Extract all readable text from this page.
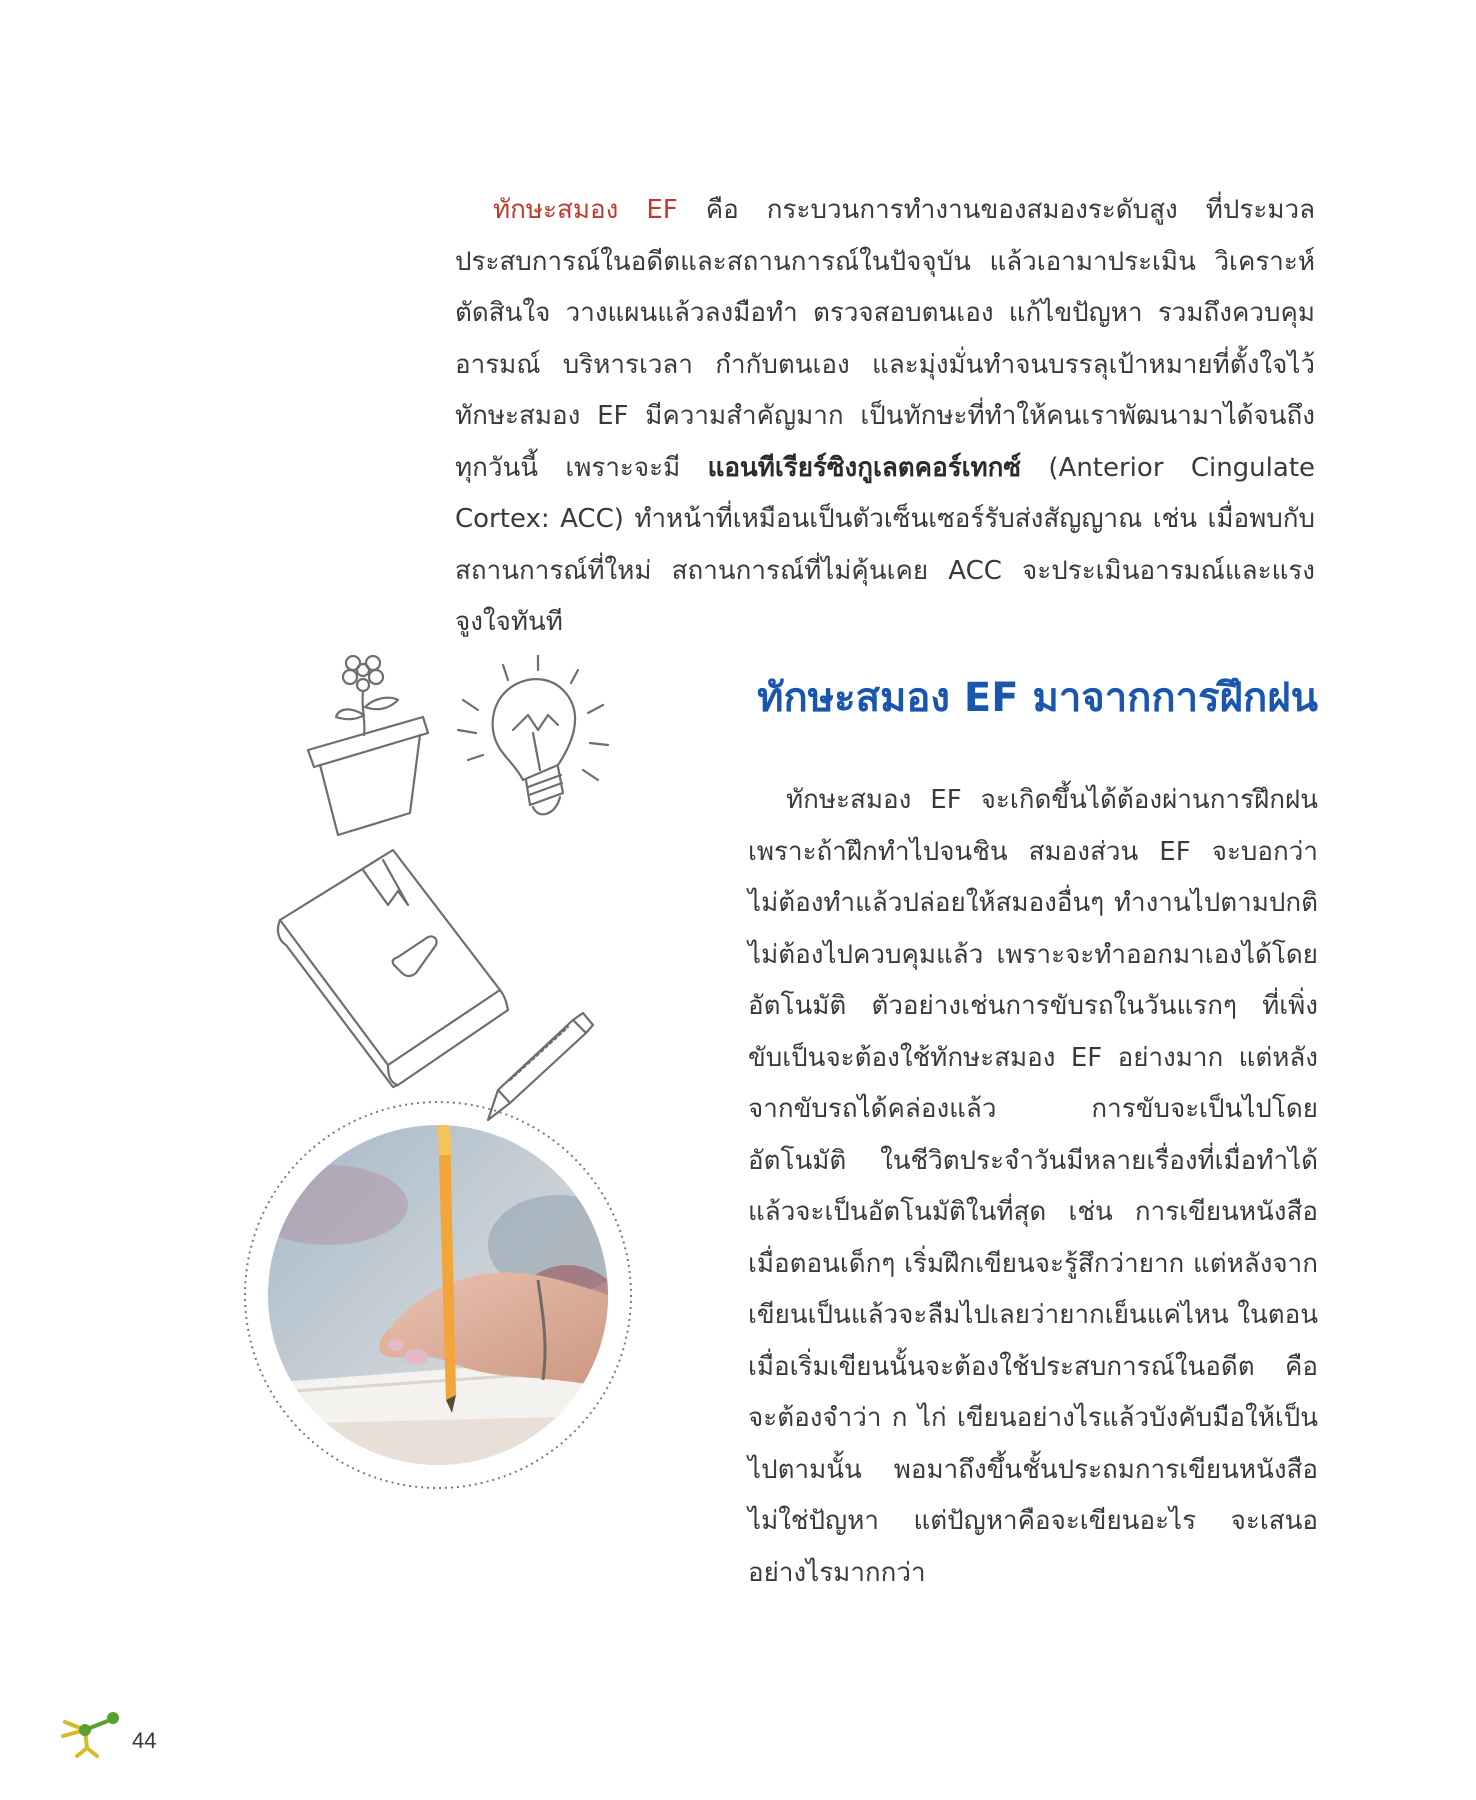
ทักษะสมอง EF คือ กระบวนการทำงานของสมองระดับสูง ที่ประมวลประสบการณ์ในอดีตและสถานการณ์ในปัจจุบัน แล้วเอามาประเมิน วิเคราะห์ ตัดสินใจ วางแผนแล้วลงมือทำ ตรวจสอบตนเอง แก้ไขปัญหา รวมถึงควบคุมอารมณ์ บริหารเวลา กำกับตนเอง และมุ่งมั่นทำจนบรรลุเป้าหมายที่ตั้งใจไว้ ทักษะสมอง EF มีความสำคัญมาก เป็นทักษะที่ทำให้คนเราพัฒนามาได้จนถึงทุกวันนี้ เพราะจะมี แอนทีเรียร์ซิงกูเลตคอร์เทกซ์ (Anterior Cingulate Cortex: ACC) ทำหน้าที่เหมือนเป็นตัวเซ็นเซอร์รับส่งสัญญาณ เช่น เมื่อพบกับสถานการณ์ที่ใหม่ สถานการณ์ที่ไม่คุ้นเคย ACC จะประเมินอารมณ์และแรงจูงใจทันที

ทักษะสมอง EF มาจากการฝึกฝน

ทักษะสมอง EF จะเกิดขึ้นได้ต้องผ่านการฝึกฝน เพราะถ้าฝึกทำไปจนชิน สมองส่วน EF จะบอกว่า ไม่ต้องทำแล้วปล่อยให้สมองอื่นๆ ทำงานไปตามปกติ ไม่ต้องไปควบคุมแล้ว เพราะจะทำออกมาเองได้โดยอัตโนมัติ ตัวอย่างเช่นการขับรถในวันแรกๆ ที่เพิ่งขับเป็นจะต้องใช้ทักษะสมอง EF อย่างมาก แต่หลังจากขับรถได้คล่องแล้ว การขับจะเป็นไปโดยอัตโนมัติ ในชีวิตประจำวันมีหลายเรื่องที่เมื่อทำได้แล้วจะเป็นอัตโนมัติในที่สุด เช่น การเขียนหนังสือ เมื่อตอนเด็กๆ เริ่มฝึกเขียนจะรู้สึกว่ายาก แต่หลังจากเขียนเป็นแล้วจะลืมไปเลยว่ายากเย็นแค่ไหน ในตอนเมื่อเริ่มเขียนนั้นจะต้องใช้ประสบการณ์ในอดีต คือจะต้องจำว่า ก ไก่ เขียนอย่างไรแล้วบังคับมือให้เป็นไปตามนั้น พอมาถึงขึ้นชั้นประถมการเขียนหนังสือไม่ใช่ปัญหา แต่ปัญหาคือจะเขียนอะไร จะเสนออย่างไรมากกว่า

44
